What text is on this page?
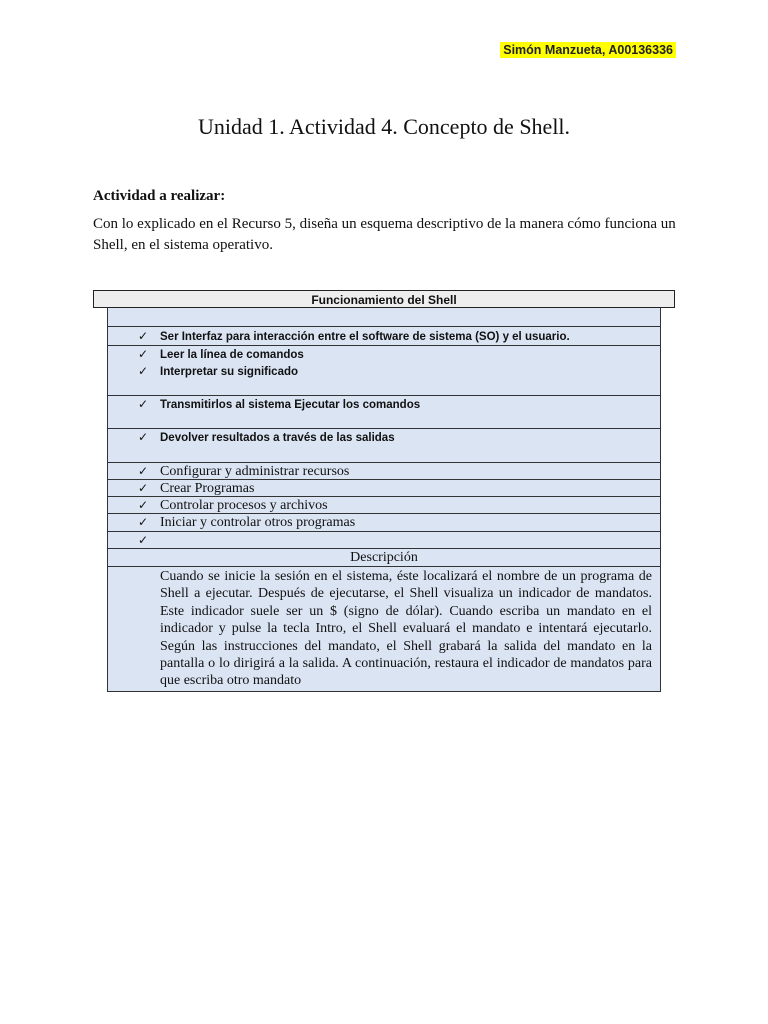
Simón Manzueta, A00136336
Unidad 1. Actividad 4. Concepto de Shell.
Actividad a realizar:
Con lo explicado en el Recurso 5, diseña un esquema descriptivo de la manera cómo funciona un Shell, en el sistema operativo.
Funcionamiento del Shell
✓ Ser Interfaz para interacción entre el software de sistema (SO) y el usuario.
✓ Leer la línea de comandos
✓ Interpretar su significado
✓ Transmitirlos al sistema Ejecutar los comandos
✓ Devolver resultados a través de las salidas
✓ Configurar y administrar recursos
✓ Crear Programas
✓ Controlar procesos y archivos
✓ Iniciar y controlar otros programas
✓
Descripción
Cuando se inicie la sesión en el sistema, éste localizará el nombre de un programa de Shell a ejecutar. Después de ejecutarse, el Shell visualiza un indicador de mandatos. Este indicador suele ser un $ (signo de dólar). Cuando escriba un mandato en el indicador y pulse la tecla Intro, el Shell evaluará el mandato e intentará ejecutarlo. Según las instrucciones del mandato, el Shell grabará la salida del mandato en la pantalla o lo dirigirá a la salida. A continuación, restaura el indicador de mandatos para que escriba otro mandato
